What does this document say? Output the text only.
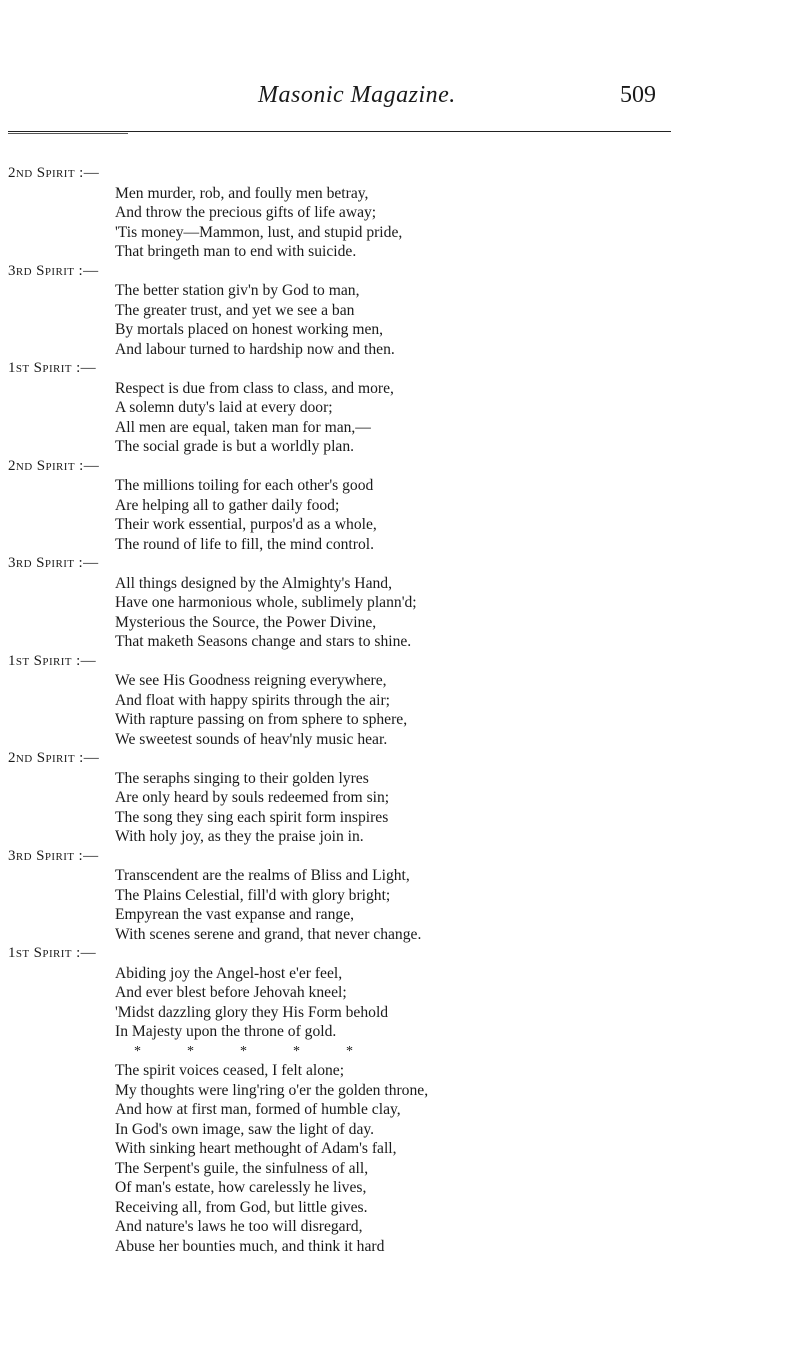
Masonic Magazine.	509
2nd Spirit :—
Men murder, rob, and foully men betray,
And throw the precious gifts of life away;
'Tis money—Mammon, lust, and stupid pride,
That bringeth man to end with suicide.
3rd Spirit :—
The better station giv'n by God to man,
The greater trust, and yet we see a ban
By mortals placed on honest working men,
And labour turned to hardship now and then.
1st Spirit :—
Respect is due from class to class, and more,
A solemn duty's laid at every door;
All men are equal, taken man for man,—
The social grade is but a worldly plan.
2nd Spirit :—
The millions toiling for each other's good
Are helping all to gather daily food;
Their work essential, purpos'd as a whole,
The round of life to fill, the mind control.
3rd Spirit :—
All things designed by the Almighty's Hand,
Have one harmonious whole, sublimely plann'd;
Mysterious the Source, the Power Divine,
That maketh Seasons change and stars to shine.
1st Spirit :—
We see His Goodness reigning everywhere,
And float with happy spirits through the air;
With rapture passing on from sphere to sphere,
We sweetest sounds of heav'nly music hear.
2nd Spirit :—
The seraphs singing to their golden lyres
Are only heard by souls redeemed from sin;
The song they sing each spirit form inspires
With holy joy, as they the praise join in.
3rd Spirit :—
Transcendent are the realms of Bliss and Light,
The Plains Celestial, fill'd with glory bright;
Empyrean the vast expanse and range,
With scenes serene and grand, that never change.
1st Spirit :—
Abiding joy the Angel-host e'er feel,
And ever blest before Jehovah kneel;
'Midst dazzling glory they His Form behold
In Majesty upon the throne of gold.
*          *          *          *          *
The spirit voices ceased, I felt alone;
My thoughts were ling'ring o'er the golden throne,
And how at first man, formed of humble clay,
In God's own image, saw the light of day.
With sinking heart methought of Adam's fall,
The Serpent's guile, the sinfulness of all,
Of man's estate, how carelessly he lives,
Receiving all, from God, but little gives.
And nature's laws he too will disregard,
Abuse her bounties much, and think it hard
